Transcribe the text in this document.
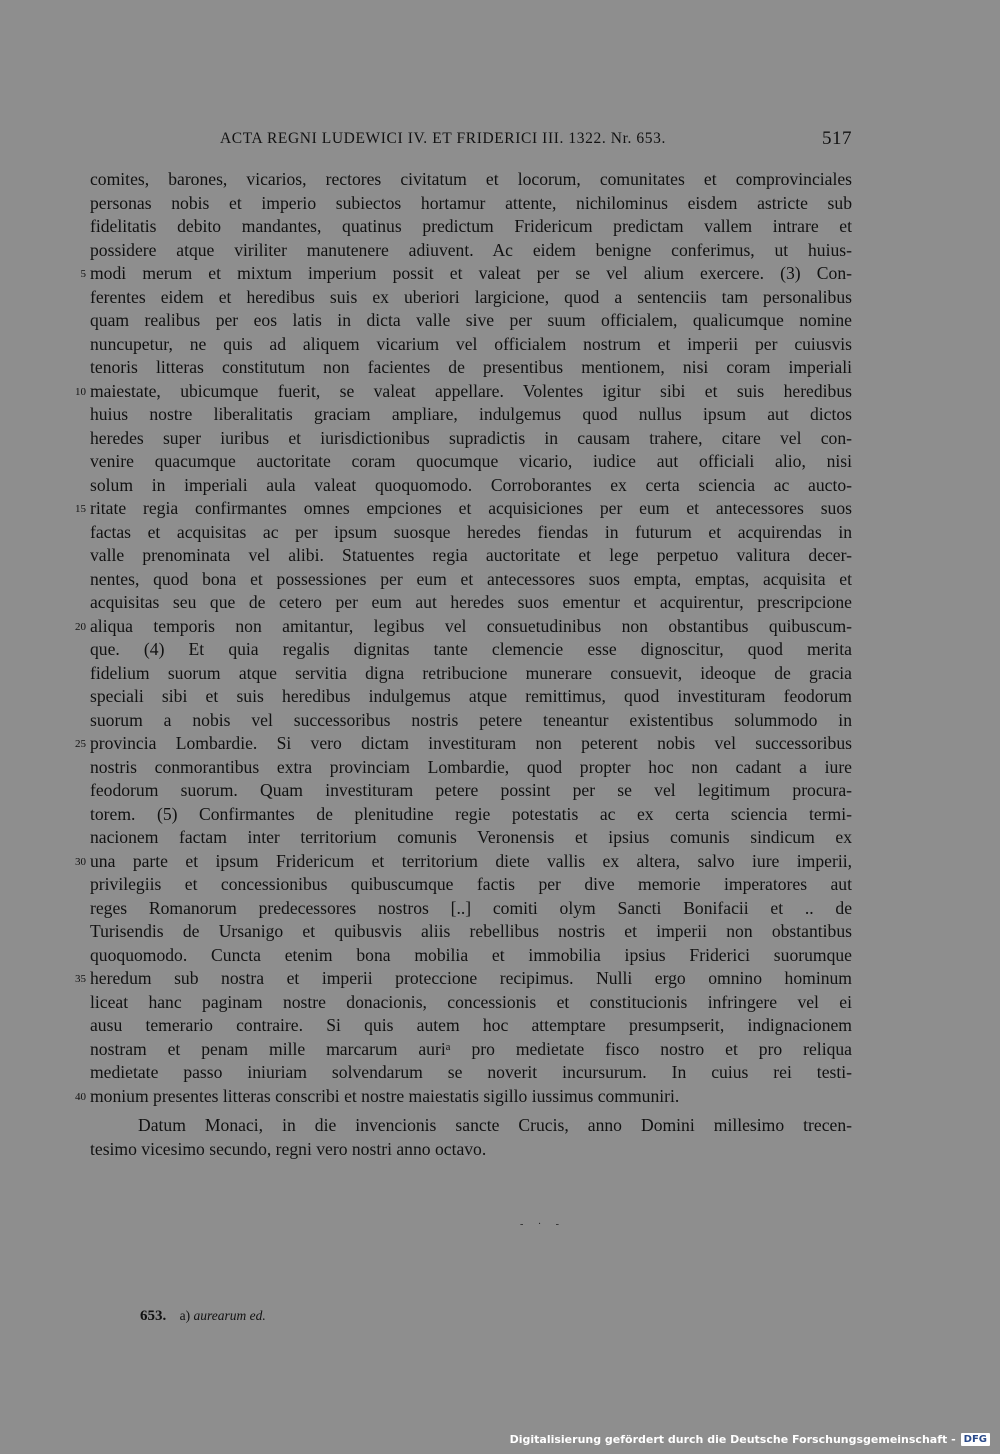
ACTA REGNI LUDEWICI IV. ET FRIDERICI III. 1322. Nr. 653.	517
comites, barones, vicarios, rectores civitatum et locorum, comunitates et comprovinciales
personas nobis et imperio subiectos hortamur attente, nichilominus eisdem astricte sub
fidelitatis debito mandantes, quatinus predictum Fridericum predictam vallem intrare et
possidere atque viriliter manutenere adiuvent. Ac eidem benigne conferimus, ut huius-
5 modi merum et mixtum imperium possit et valeat per se vel alium exercere. (3) Con-
ferentes eidem et heredibus suis ex uberiori largicione, quod a sentenciis tam personalibus
quam realibus per eos latis in dicta valle sive per suum officialem, qualicumque nomine
nuncupetur, ne quis ad aliquem vicarium vel officialem nostrum et imperii per cuiusvis
tenoris litteras constitutum non facientes de presentibus mentionem, nisi coram imperiali
10 maiestate, ubicumque fuerit, se valeat appellare. Volentes igitur sibi et suis heredibus
huius nostre liberalitatis graciam ampliare, indulgemus quod nullus ipsum aut dictos
heredes super iuribus et iurisdictionibus supradictis in causam trahere, citare vel con-
venire quacumque auctoritate coram quocumque vicario, iudice aut officiali alio, nisi
solum in imperiali aula valeat quoquomodo. Corroborantes ex certa sciencia ac aucto-
15 ritate regia confirmantes omnes empciones et acquisiciones per eum et antecessores suos
factas et acquisitas ac per ipsum suosque heredes fiendas in futurum et acquirendas in
valle prenominata vel alibi. Statuentes regia auctoritate et lege perpetuo valitura decer-
nentes, quod bona et possessiones per eum et antecessores suos empta, emptas, acquisita et
acquisitas seu que de cetero per eum aut heredes suos ementur et acquirentur, prescripcione
20 aliqua temporis non amitantur, legibus vel consuetudinibus non obstantibus quibuscum-
que. (4) Et quia regalis dignitas tante clemencie esse dignoscitur, quod merita
fidelium suorum atque servitia digna retribucione munerare consuevit, ideoque de gracia
speciali sibi et suis heredibus indulgemus atque remittimus, quod investituram feodorum
suorum a nobis vel successoribus nostris petere teneantur existentibus solummodo in
25 provincia Lombardie. Si vero dictam investituram non peterent nobis vel successoribus
nostris conmorantibus extra provinciam Lombardie, quod propter hoc non cadant a iure
feodorum suorum. Quam investituram petere possint per se vel legitimum procura-
torem. (5) Confirmantes de plenitudine regie potestatis ac ex certa sciencia termi-
nacionem factam inter territorium comunis Veronensis et ipsius comunis sindicum ex
30 una parte et ipsum Fridericum et territorium diete vallis ex altera, salvo iure imperii,
privilegiis et concessionibus quibuscumque factis per dive memorie imperatores aut
reges Romanorum predecessores nostros [..] comiti olym Sancti Bonifacii et .. de
Turisendis de Ursanigo et quibusvis aliis rebellibus nostris et imperii non obstantibus
quoquomodo. Cuncta etenim bona mobilia et immobilia ipsius Friderici suorumque
35 heredum sub nostra et imperii proteccione recipimus. Nulli ergo omnino hominum
liceat hanc paginam nostre donacionis, concessionis et constitucionis infringere vel ei
ausu temerario contraire. Si quis autem hoc attemptare presumpserit, indignacionem
nostram et penam mille marcarum auriᵃ pro medietate fisco nostro et pro reliqua
medietate passo iniuriam solvendarum se noverit incursurum. In cuius rei testi-
40 monium presentes litteras conscribi et nostre maiestatis sigillo iussimus communiri.
Datum Monaci, in die invencionis sancte Crucis, anno Domini millesimo trecen-
tesimo vicesimo secundo, regni vero nostri anno octavo.
- · -
653. a) aurearum ed.
Digitalisierung gefördert durch die Deutsche Forschungsgemeinschaft - DFG
